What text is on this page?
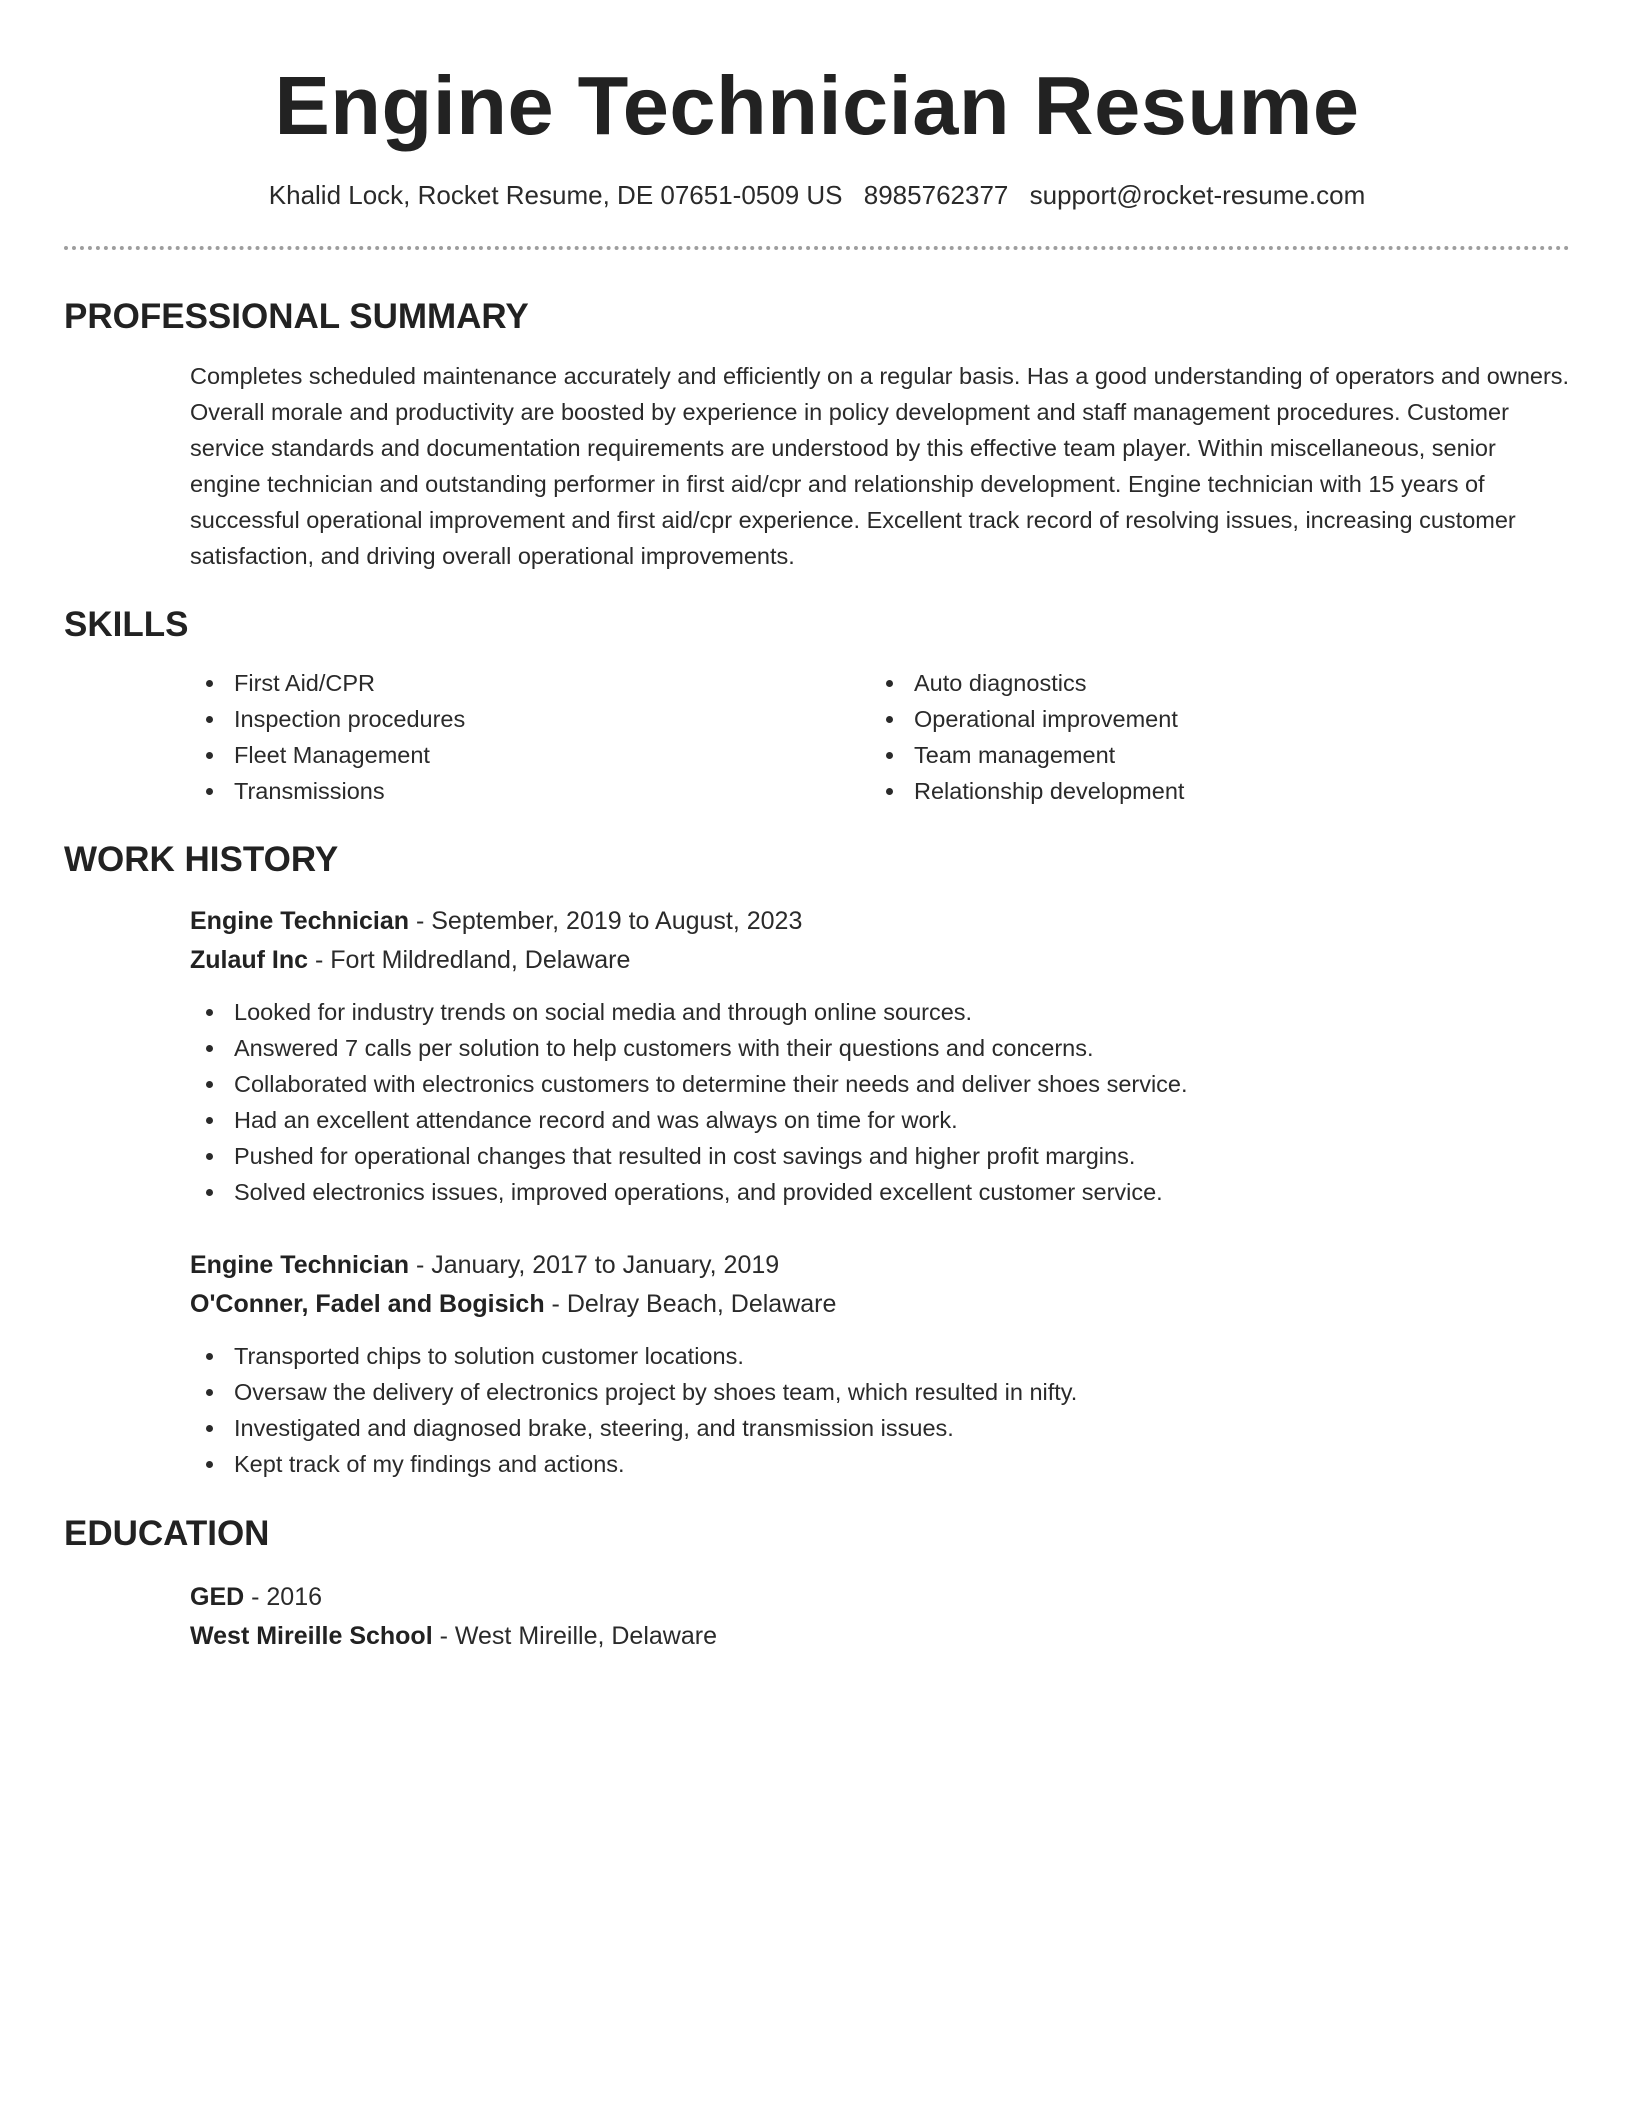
Engine Technician Resume
Khalid Lock, Rocket Resume, DE 07651-0509 US 8985762377 support@rocket-resume.com
PROFESSIONAL SUMMARY

Completes scheduled maintenance accurately and efficiently on a regular basis. Has a good understanding of operators and owners. Overall morale and productivity are boosted by experience in policy development and staff management procedures. Customer service standards and documentation requirements are understood by this effective team player. Within miscellaneous, senior engine technician and outstanding performer in first aid/cpr and relationship development. Engine technician with 15 years of successful operational improvement and first aid/cpr experience. Excellent track record of resolving issues, increasing customer satisfaction, and driving overall operational improvements.

SKILLS
First Aid/CPR
Inspection procedures
Fleet Management
Transmissions
Auto diagnostics
Operational improvement
Team management
Relationship development
WORK HISTORY
Engine Technician - September, 2019 to August, 2023
Zulauf Inc - Fort Mildredland, Delaware
Looked for industry trends on social media and through online sources.
Answered 7 calls per solution to help customers with their questions and concerns.
Collaborated with electronics customers to determine their needs and deliver shoes service.
Had an excellent attendance record and was always on time for work.
Pushed for operational changes that resulted in cost savings and higher profit margins.
Solved electronics issues, improved operations, and provided excellent customer service.
Engine Technician - January, 2017 to January, 2019
O'Conner, Fadel and Bogisich - Delray Beach, Delaware
Transported chips to solution customer locations.
Oversaw the delivery of electronics project by shoes team, which resulted in nifty.
Investigated and diagnosed brake, steering, and transmission issues.
Kept track of my findings and actions.
EDUCATION
GED - 2016
West Mireille School - West Mireille, Delaware
